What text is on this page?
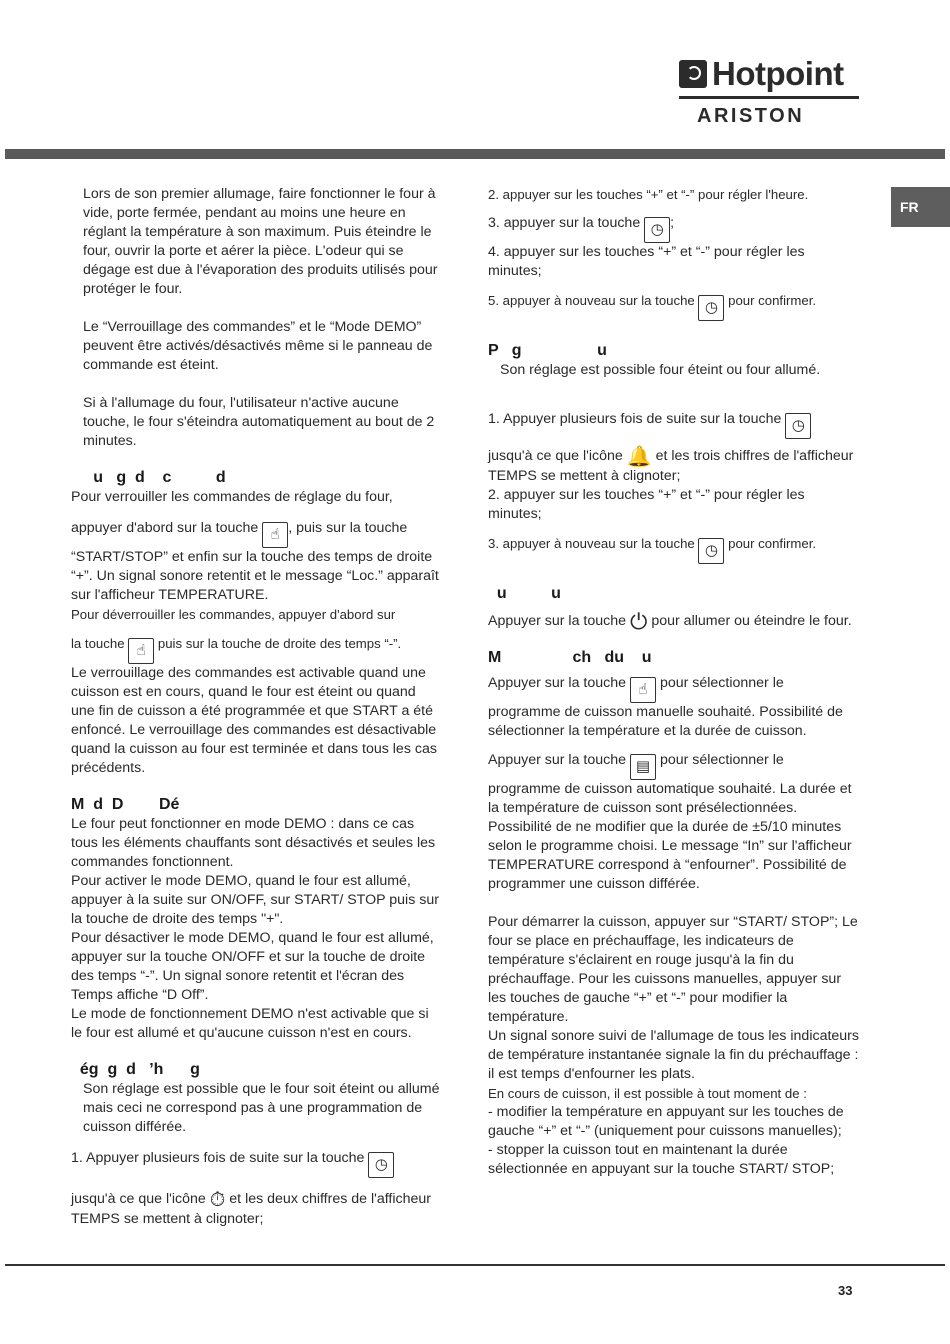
Hotpoint
ARISTON
FR

Lors de son premier allumage, faire fonctionner le four à vide, porte fermée, pendant au moins une heure en réglant la température à son maximum. Puis éteindre le four, ouvrir la porte et aérer la pièce. L'odeur qui se dégage est due à l'évaporation des produits utilisés pour protéger le four.

Le “Verrouillage des commandes” et le “Mode DEMO” peuvent être activés/désactivés même si le panneau de commande est éteint.

Si à l'allumage du four, l'utilisateur n'active aucune touche, le four s'éteindra automatiquement au bout de 2 minutes.

u   g  d    c          d

Pour verrouiller les commandes de réglage du four,

appuyer d'abord sur la touche ☝ , puis sur la touche “START/STOP” et enfin sur la touche des temps de droite “+”. Un signal sonore retentit et le message “Loc.” apparaît sur l'afficheur TEMPERATURE.

Pour déverrouiller les commandes, appuyer d'abord sur

la touche ☝	puis sur la touche de droite des temps “-”.

Le verrouillage des commandes est activable quand une cuisson est en cours, quand le four est éteint ou quand une fin de cuisson a été programmée et que START a été enfoncé. Le verrouillage des commandes est désactivable quand la cuisson au four est terminée et dans tous les cas précédents.

M  d  D        Dé

Le four peut fonctionner en mode DEMO : dans ce cas tous les éléments chauffants sont désactivés et seules les commandes fonctionnent.

Pour activer le mode DEMO, quand le four est allumé, appuyer à la suite sur ON/OFF, sur START/ STOP puis sur la touche de droite des temps "+".

Pour désactiver le mode DEMO, quand le four est allumé, appuyer sur la touche ON/OFF et sur la touche de droite des temps “-”. Un signal sonore retentit et l'écran des Temps affiche “D Off”.

Le mode de fonctionnement DEMO n'est activable que si le four est allumé et qu'aucune cuisson n'est en cours.

ég  g  d   ’h      g

Son réglage est possible que le four soit éteint ou allumé mais ceci ne correspond pas à une programmation de cuisson différée.

1. Appuyer plusieurs fois de suite sur la touche ◷

jusqu'à ce que l'icône ⏱ et les deux chiffres de l'afficheur TEMPS se mettent à clignoter;

2. appuyer sur les touches “+” et “-” pour régler l'heure.

3. appuyer sur la touche ◷ ;

4. appuyer sur les touches “+” et “-” pour régler les minutes;

5. appuyer à nouveau sur la touche ◷	pour confirmer.

P   g                 u

Son réglage est possible four éteint ou four allumé.

1. Appuyer plusieurs fois de suite sur la touche ◷

jusqu'à ce que l'icône 🔔 et les trois chiffres de l'afficheur TEMPS se mettent à clignoter;

2. appuyer sur les touches “+” et “-” pour régler les minutes;

3. appuyer à nouveau sur la touche ◷	pour confirmer.

u          u

Appuyer sur la touche ⏻ pour allumer ou éteindre le four.

M                ch   du    u

Appuyer sur la touche ☝ pour sélectionner le programme de cuisson manuelle souhaité. Possibilité de sélectionner la température et la durée de cuisson.

Appuyer sur la touche ▤ pour sélectionner le programme de cuisson automatique souhaité. La durée et la température de cuisson sont présélectionnées. Possibilité de ne modifier que la durée de ±5/10 minutes selon le programme choisi. Le message “In” sur l'afficheur TEMPERATURE correspond à “enfourner”. Possibilité de programmer une cuisson différée.

Pour démarrer la cuisson, appuyer sur “START/ STOP”; Le four se place en préchauffage, les indicateurs de température s'éclairent en rouge jusqu'à la fin du préchauffage. Pour les cuissons manuelles, appuyer sur les touches de gauche “+” et “-” pour modifier la température.

Un signal sonore suivi de l'allumage de tous les indicateurs de température instantanée signale la fin du préchauffage : il est temps d'enfourner les plats.

En cours de cuisson, il est possible à tout moment de :

- modifier la température en appuyant sur les touches de gauche “+” et “-” (uniquement pour cuissons manuelles);

- stopper la cuisson tout en maintenant la durée sélectionnée en appuyant sur la touche START/ STOP;

33
